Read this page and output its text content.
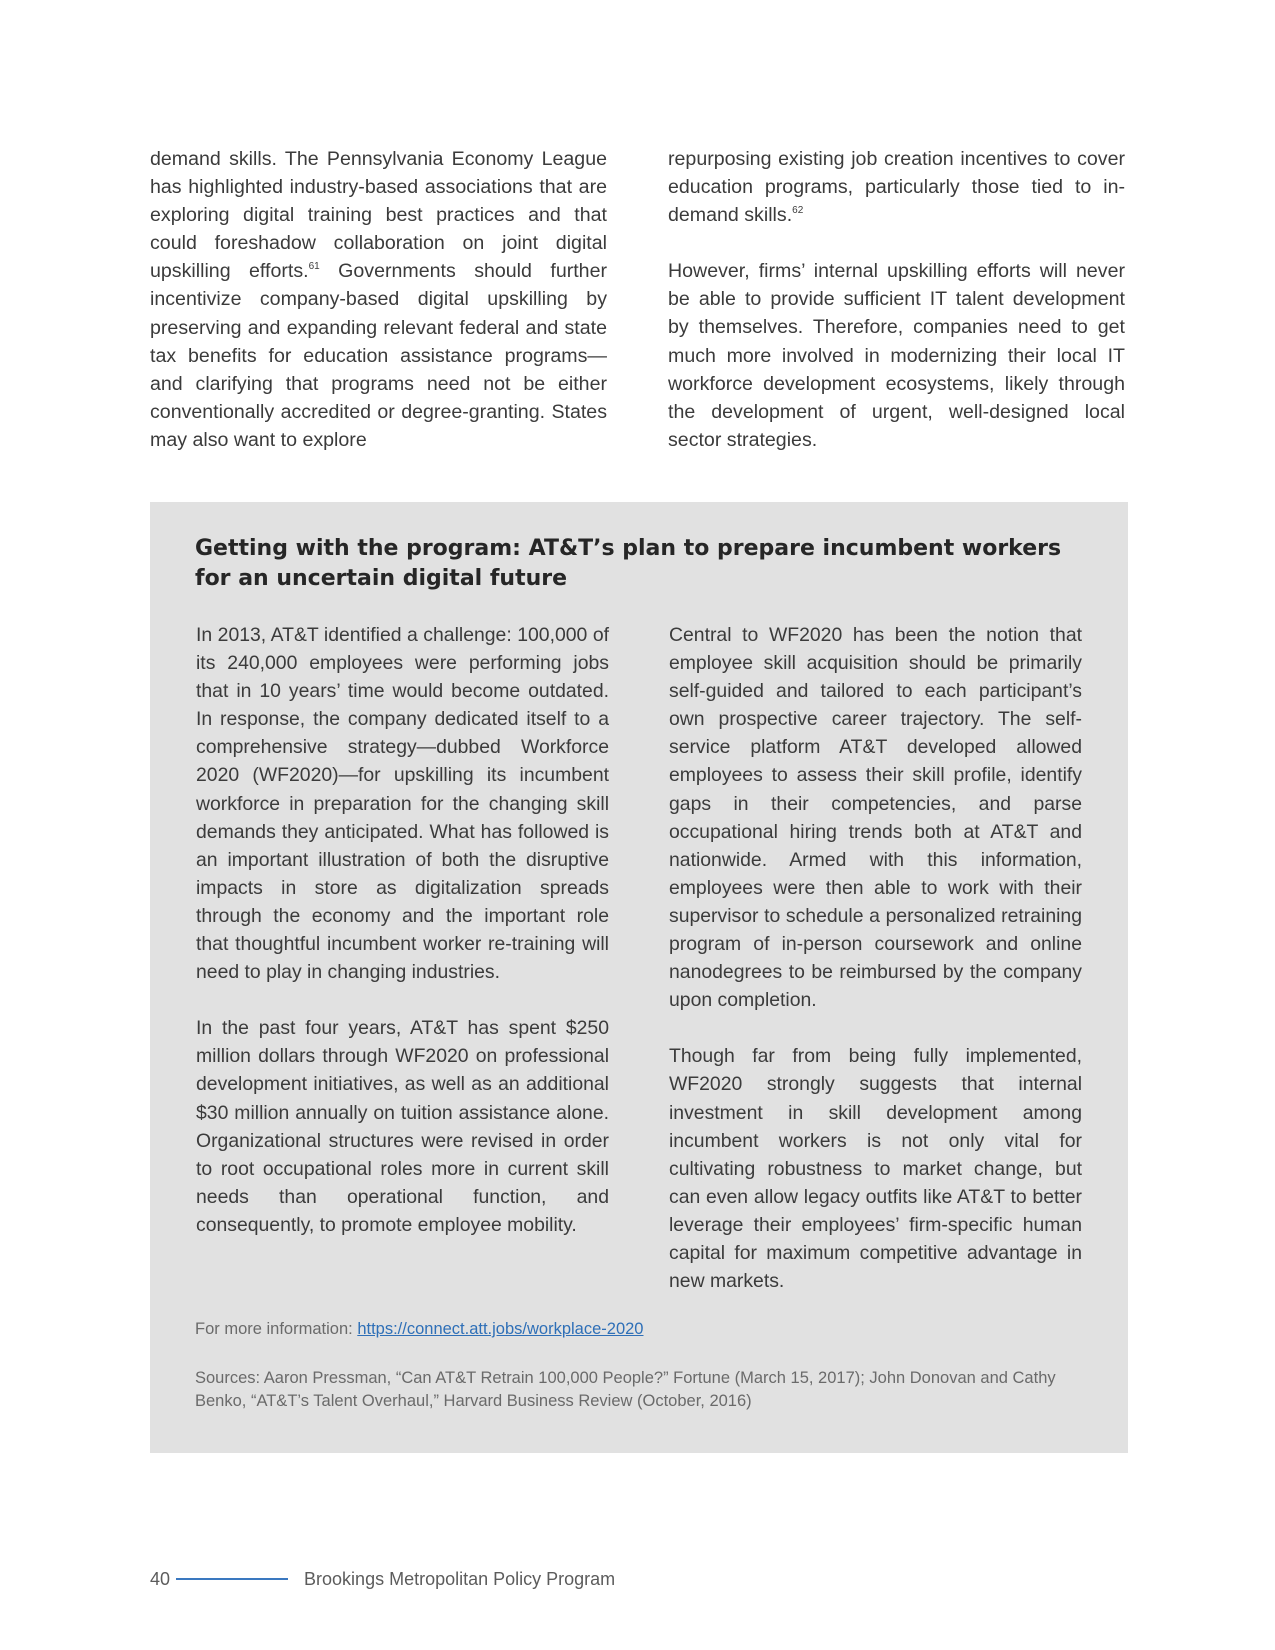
demand skills. The Pennsylvania Economy League has highlighted industry-based associations that are exploring digital training best practices and that could foreshadow collaboration on joint digital upskilling efforts.$^{61}$ Governments should further incentivize company-based digital upskilling by preserving and expanding relevant federal and state tax benefits for education assistance programs—and clarifying that programs need not be either conventionally accredited or degree-granting. States may also want to explore

repurposing existing job creation incentives to cover education programs, particularly those tied to in-demand skills.$^{62}$

However, firms’ internal upskilling efforts will never be able to provide sufficient IT talent development by themselves. Therefore, companies need to get much more involved in modernizing their local IT workforce development ecosystems, likely through the development of urgent, well-designed local sector strategies.

Getting with the program: AT&T’s plan to prepare incumbent workers for an uncertain digital future

In 2013, AT&T identified a challenge: 100,000 of its 240,000 employees were performing jobs that in 10 years’ time would become outdated. In response, the company dedicated itself to a comprehensive strategy—dubbed Workforce 2020 (WF2020)—for upskilling its incumbent workforce in preparation for the changing skill demands they anticipated. What has followed is an important illustration of both the disruptive impacts in store as digitalization spreads through the economy and the important role that thoughtful incumbent worker re-training will need to play in changing industries.

In the past four years, AT&T has spent $250 million dollars through WF2020 on professional development initiatives, as well as an additional $30 million annually on tuition assistance alone. Organizational structures were revised in order to root occupational roles more in current skill needs than operational function, and consequently, to promote employee mobility.

Central to WF2020 has been the notion that employee skill acquisition should be primarily self-guided and tailored to each participant’s own prospective career trajectory. The self-service platform AT&T developed allowed employees to assess their skill profile, identify gaps in their competencies, and parse occupational hiring trends both at AT&T and nationwide. Armed with this information, employees were then able to work with their supervisor to schedule a personalized retraining program of in-person coursework and online nanodegrees to be reimbursed by the company upon completion.

Though far from being fully implemented, WF2020 strongly suggests that internal investment in skill development among incumbent workers is not only vital for cultivating robustness to market change, but can even allow legacy outfits like AT&T to better leverage their employees’ firm-specific human capital for maximum competitive advantage in new markets.

For more information: https://connect.att.jobs/workplace-2020
Sources: Aaron Pressman, “Can AT&T Retrain 100,000 People?” Fortune (March 15, 2017); John Donovan and Cathy Benko, “AT&T’s Talent Overhaul,” Harvard Business Review (October, 2016)
40	Brookings Metropolitan Policy Program
